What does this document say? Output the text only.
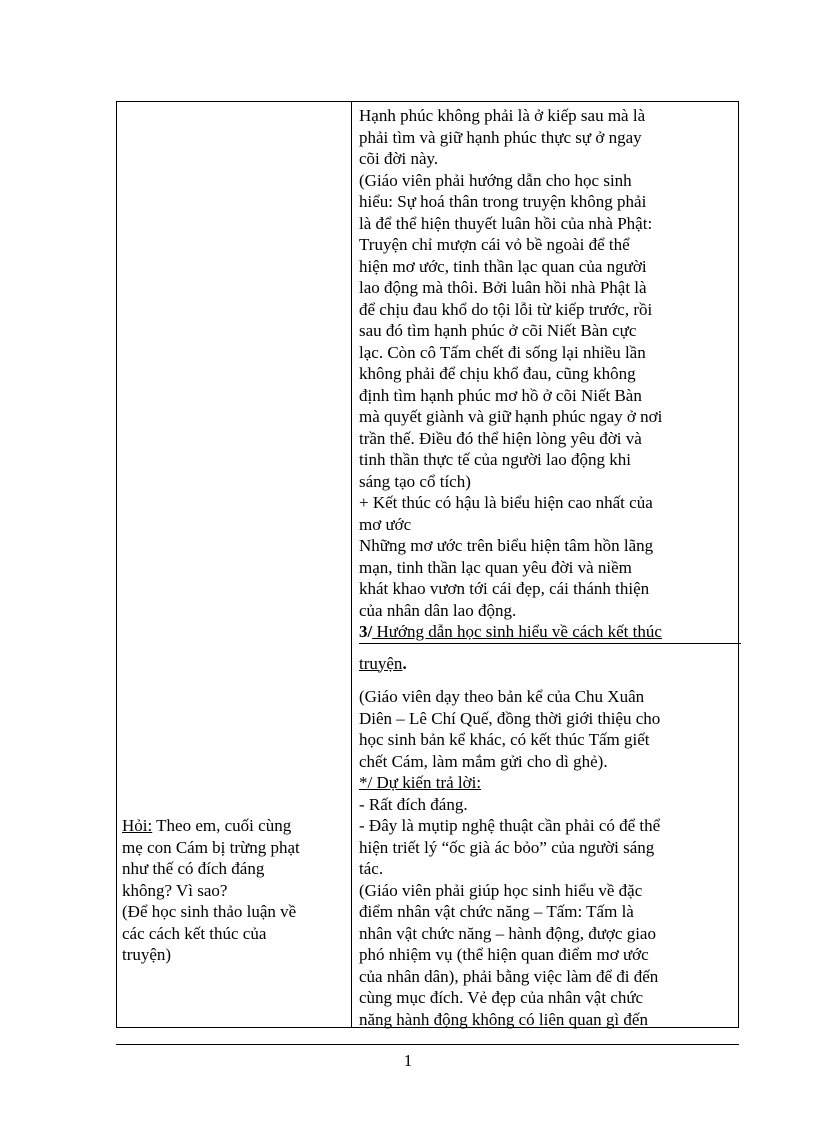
Hỏi: Theo em, cuối cùng
mẹ con Cám bị trừng phạt
như thế có đích đáng
không? Vì sao?
(Để học sinh thảo luận về
các cách kết thúc của
truyện)
Hạnh phúc không phải là ở kiếp sau mà là
phải tìm và giữ hạnh phúc thực sự ở ngay
cõi đời này.
(Giáo viên phải hướng dẫn cho học sinh
hiểu: Sự hoá thân trong truyện không phải
là để thể hiện thuyết luân hồi của nhà Phật:
Truyện chỉ mượn cái vỏ bề ngoài để thể
hiện mơ ước, tinh thần lạc quan của người
lao động mà thôi. Bởi luân hồi nhà Phật là
để chịu đau khổ do tội lỗi từ kiếp trước, rồi
sau đó tìm hạnh phúc ở cõi Niết Bàn cực
lạc. Còn cô Tấm chết đi sống lại nhiều lần
không phải để chịu khổ đau, cũng không
định tìm hạnh phúc mơ hồ ở cõi Niết Bàn
mà quyết giành và giữ hạnh phúc ngay ở nơi
trần thế. Điều đó thể hiện lòng yêu đời và
tinh thần thực tế của người lao động khi
sáng tạo cổ tích)
+ Kết thúc có hậu là biểu hiện cao nhất của
mơ ước
Những mơ ước trên biểu hiện tâm hồn lãng
mạn, tinh thần lạc quan yêu đời và niềm
khát khao vươn tới cái đẹp, cái thánh thiện
của nhân dân lao động.
3/ Hướng dẫn học sinh hiểu về cách kết thúc
truyện.
(Giáo viên dạy theo bản kể của Chu Xuân
Diên – Lê Chí Quế, đồng thời giới thiệu cho
học sinh bản kể khác, có kết thúc Tấm giết
chết Cám, làm mắm gửi cho dì ghẻ).
*/ Dự kiến trả lời:
- Rất đích đáng.
- Đây là mụtip nghệ thuật cần phải có để thể
hiện triết lý “ốc già ác bỏo” của người sáng
tác.
(Giáo viên phải giúp học sinh hiểu về đặc
điểm nhân vật chức năng – Tấm: Tấm là
nhân vật chức năng – hành động, được giao
phó nhiệm vụ (thể hiện quan điểm mơ ước
của nhân dân), phải bằng việc làm để đi đến
cùng mục đích. Vẻ đẹp của nhân vật chức
năng hành động không có liên quan gì đến
1
